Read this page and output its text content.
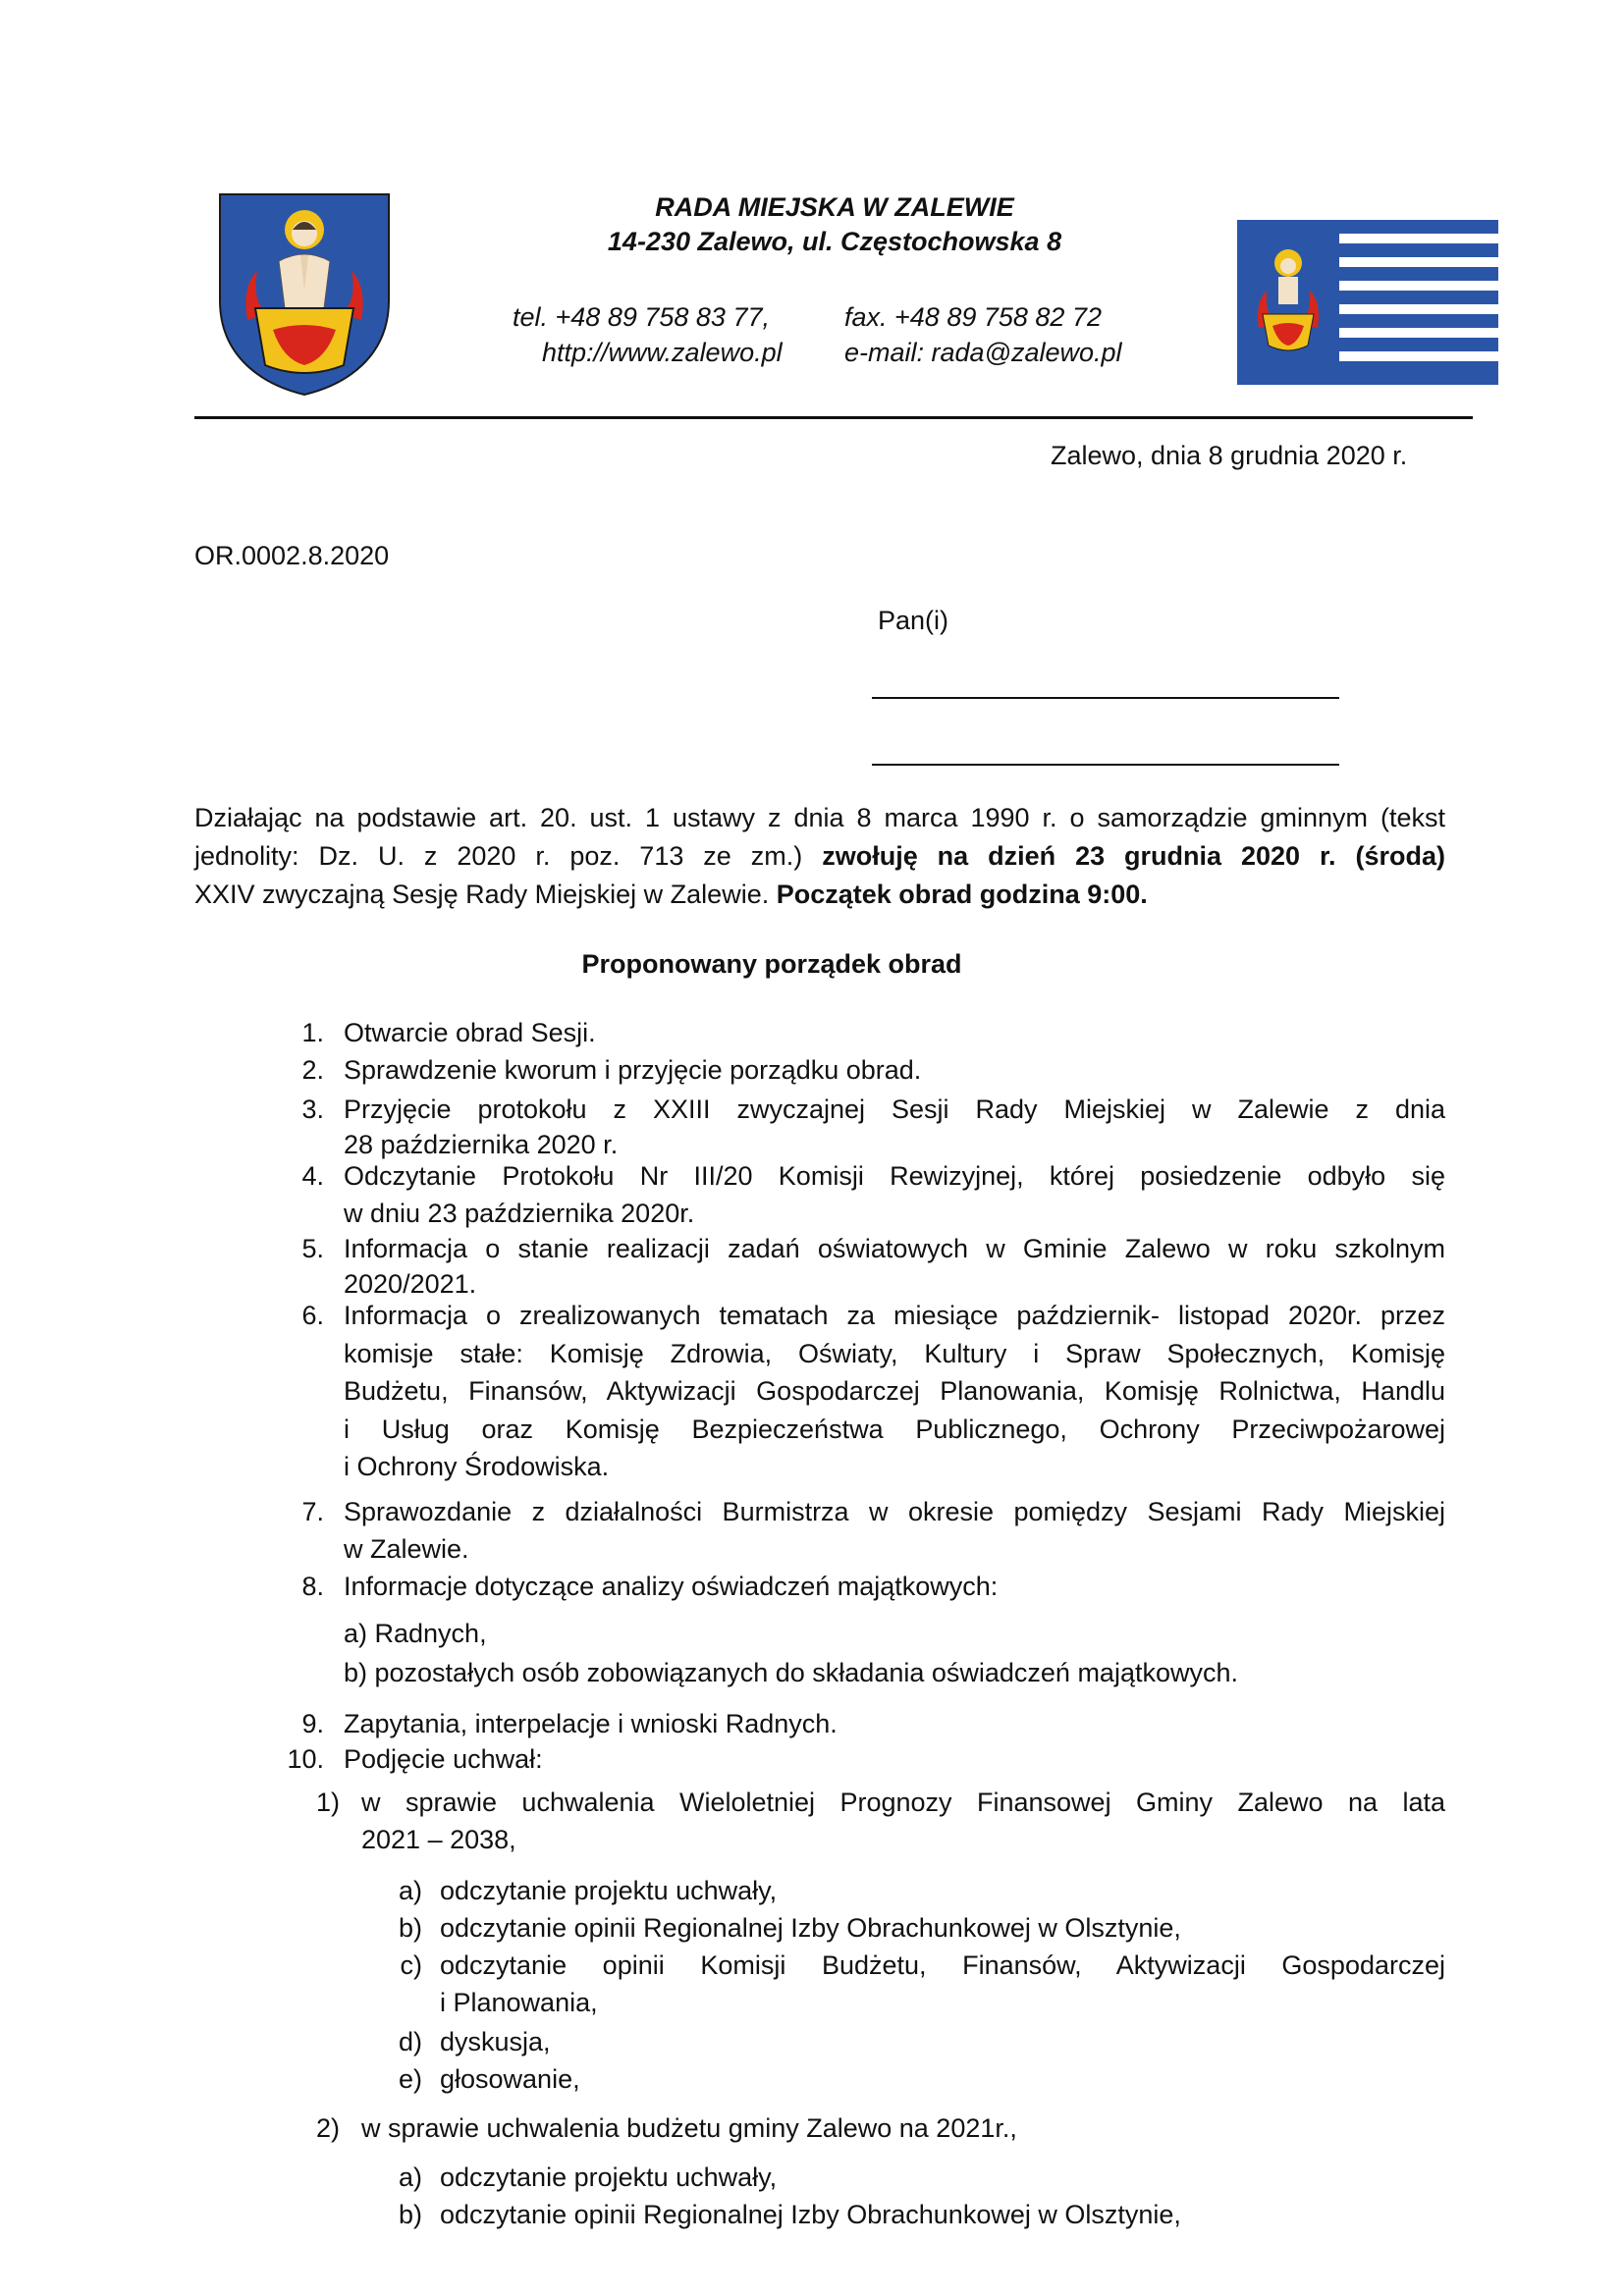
RADA MIEJSKA W ZALEWIE
14-230 Zalewo, ul. Częstochowska 8
tel. +48 89 758 83 77,	fax. +48 89 758 82 72
http://www.zalewo.pl e-mail: rada@zalewo.pl
Zalewo, dnia 8 grudnia 2020 r.
OR.0002.8.2020
Pan(i)
Działając na podstawie art. 20. ust. 1 ustawy z dnia 8 marca 1990 r. o samorządzie gminnym (tekst
jednolity: Dz. U. z 2020 r. poz. 713 ze zm.) zwołuję na dzień 23 grudnia 2020 r. (środa)
XXIV zwyczajną Sesję Rady Miejskiej w Zalewie. Początek obrad godzina 9:00.
Proponowany porządek obrad
1. Otwarcie obrad Sesji.
2. Sprawdzenie kworum i przyjęcie porządku obrad.
3. Przyjęcie protokołu z XXIII zwyczajnej Sesji Rady Miejskiej w Zalewie z dnia
28 października 2020 r.
4. Odczytanie Protokołu Nr III/20 Komisji Rewizyjnej, której posiedzenie odbyło się
w dniu 23 października 2020r.
5. Informacja o stanie realizacji zadań oświatowych w Gminie Zalewo w roku szkolnym
2020/2021.
6. Informacja o zrealizowanych tematach za miesiące październik- listopad 2020r. przez
komisje stałe: Komisję Zdrowia, Oświaty, Kultury i Spraw Społecznych, Komisję
Budżetu, Finansów, Aktywizacji Gospodarczej Planowania, Komisję Rolnictwa, Handlu
i Usług oraz Komisję Bezpieczeństwa Publicznego, Ochrony Przeciwpożarowej
i Ochrony Środowiska.
7. Sprawozdanie z działalności Burmistrza w okresie pomiędzy Sesjami Rady Miejskiej
w Zalewie.
8. Informacje dotyczące analizy oświadczeń majątkowych:
9. Zapytania, interpelacje i wnioski Radnych.
10. Podjęcie uchwał:
a) Radnych,
b) pozostałych osób zobowiązanych do składania oświadczeń majątkowych.
1) w sprawie uchwalenia Wieloletniej Prognozy Finansowej Gminy Zalewo na lata
2021 – 2038,
a) odczytanie projektu uchwały,
b) odczytanie opinii Regionalnej Izby Obrachunkowej w Olsztynie,
c) odczytanie opinii Komisji Budżetu, Finansów, Aktywizacji Gospodarczej
i Planowania,
d) dyskusja,
e) głosowanie,
2) w sprawie uchwalenia budżetu gminy Zalewo na 2021r.,
a) odczytanie projektu uchwały,
b) odczytanie opinii Regionalnej Izby Obrachunkowej w Olsztynie,
